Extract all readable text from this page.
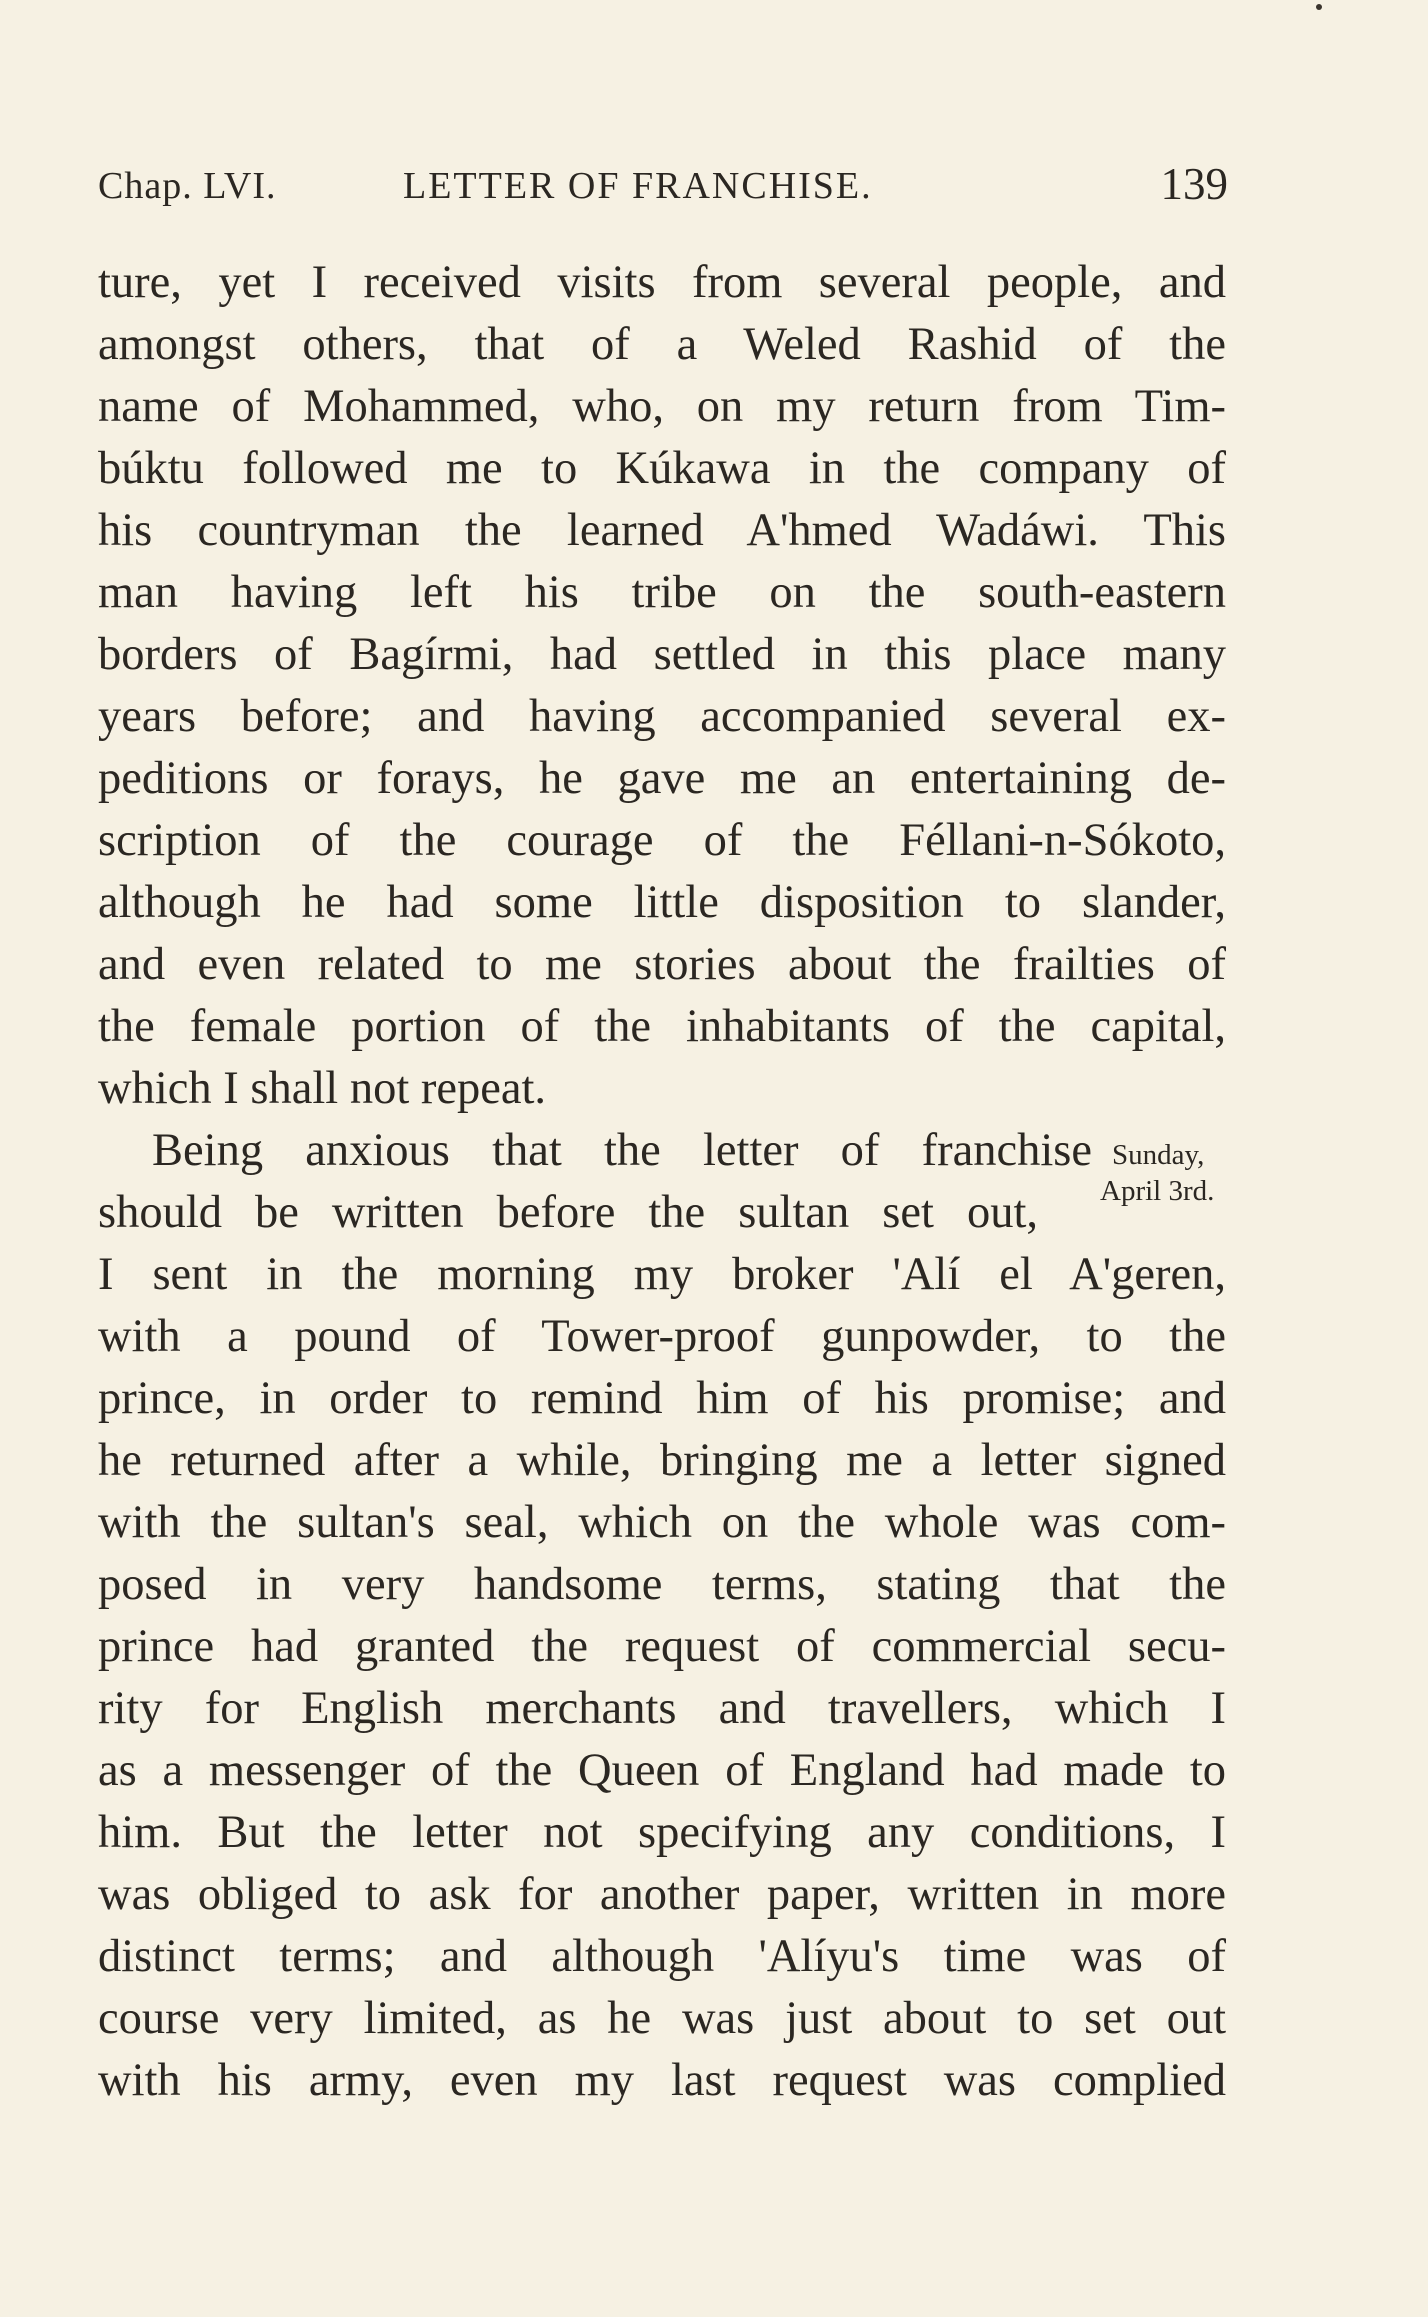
Chap. LVI.	LETTER OF FRANCHISE.	139
ture, yet I received visits from several people, and
amongst others, that of a Weled Rashid of the
name of Mohammed, who, on my return from Tim-
búktu followed me to Kúkawa in the company of
his countryman the learned A'hmed Wadáwi. This
man having left his tribe on the south-eastern
borders of Bagírmi, had settled in this place many
years before; and having accompanied several ex-
peditions or forays, he gave me an entertaining de-
scription of the courage of the Féllani-n-Sókoto,
although he had some little disposition to slander,
and even related to me stories about the frailties of
the female portion of the inhabitants of the capital,
which I shall not repeat.
Being anxious that the letter of franchise
should be written before the sultan set out,
I sent in the morning my broker 'Alí el A'geren,
with a pound of Tower-proof gunpowder, to the
prince, in order to remind him of his promise; and
he returned after a while, bringing me a letter signed
with the sultan's seal, which on the whole was com-
posed in very handsome terms, stating that the
prince had granted the request of commercial secu-
rity for English merchants and travellers, which I
as a messenger of the Queen of England had made to
him. But the letter not specifying any conditions, I
was obliged to ask for another paper, written in more
distinct terms; and although 'Alíyu's time was of
course very limited, as he was just about to set out
with his army, even my last request was complied
Sunday,
April 3rd.
